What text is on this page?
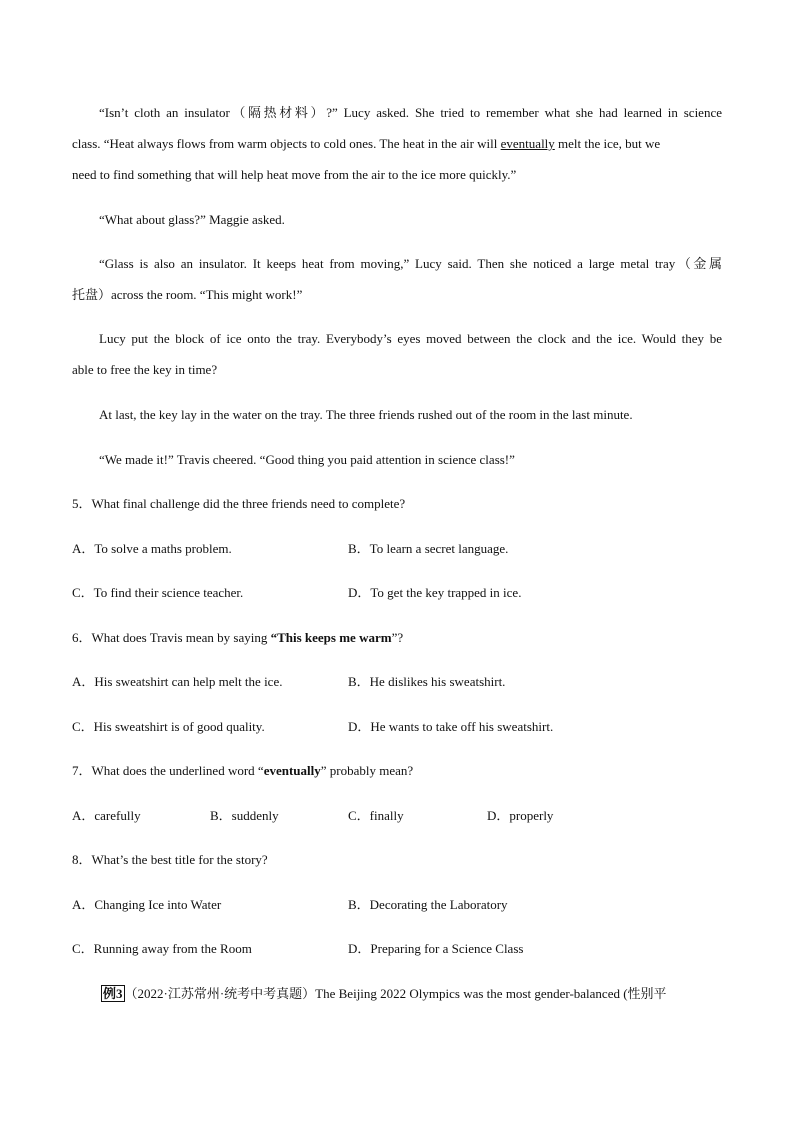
“Isn’t cloth an insulator（隔热材料）?” Lucy asked. She tried to remember what she had learned in science
class. “Heat always flows from warm objects to cold ones. The heat in the air will eventually melt the ice, but we
need to find something that will help heat move from the air to the ice more quickly.”
“What about glass?” Maggie asked.
“Glass is also an insulator. It keeps heat from moving,” Lucy said. Then she noticed a large metal tray（金属
托盘）across the room. “This might work!”
Lucy put the block of ice onto the tray. Everybody’s eyes moved between the clock and the ice. Would they be
able to free the key in time?
At last, the key lay in the water on the tray. The three friends rushed out of the room in the last minute.
“We made it!” Travis cheered. “Good thing you paid attention in science class!”
5．What final challenge did the three friends need to complete?
A．To solve a maths problem.	B．To learn a secret language.
C．To find their science teacher.	D．To get the key trapped in ice.
6．What does Travis mean by saying “This keeps me warm”?
A．His sweatshirt can help melt the ice.	B．He dislikes his sweatshirt.
C．His sweatshirt is of good quality.	D．He wants to take off his sweatshirt.
7．What does the underlined word “eventually” probably mean?
A．carefully	B．suddenly	C．finally	D．properly
8．What’s the best title for the story?
A．Changing Ice into Water	B．Decorating the Laboratory
C．Running away from the Room	D．Preparing for a Science Class
例3 （2022·江苏常州·统考中考真题）The Beijing 2022 Olympics was the most gender-balanced (性别平
